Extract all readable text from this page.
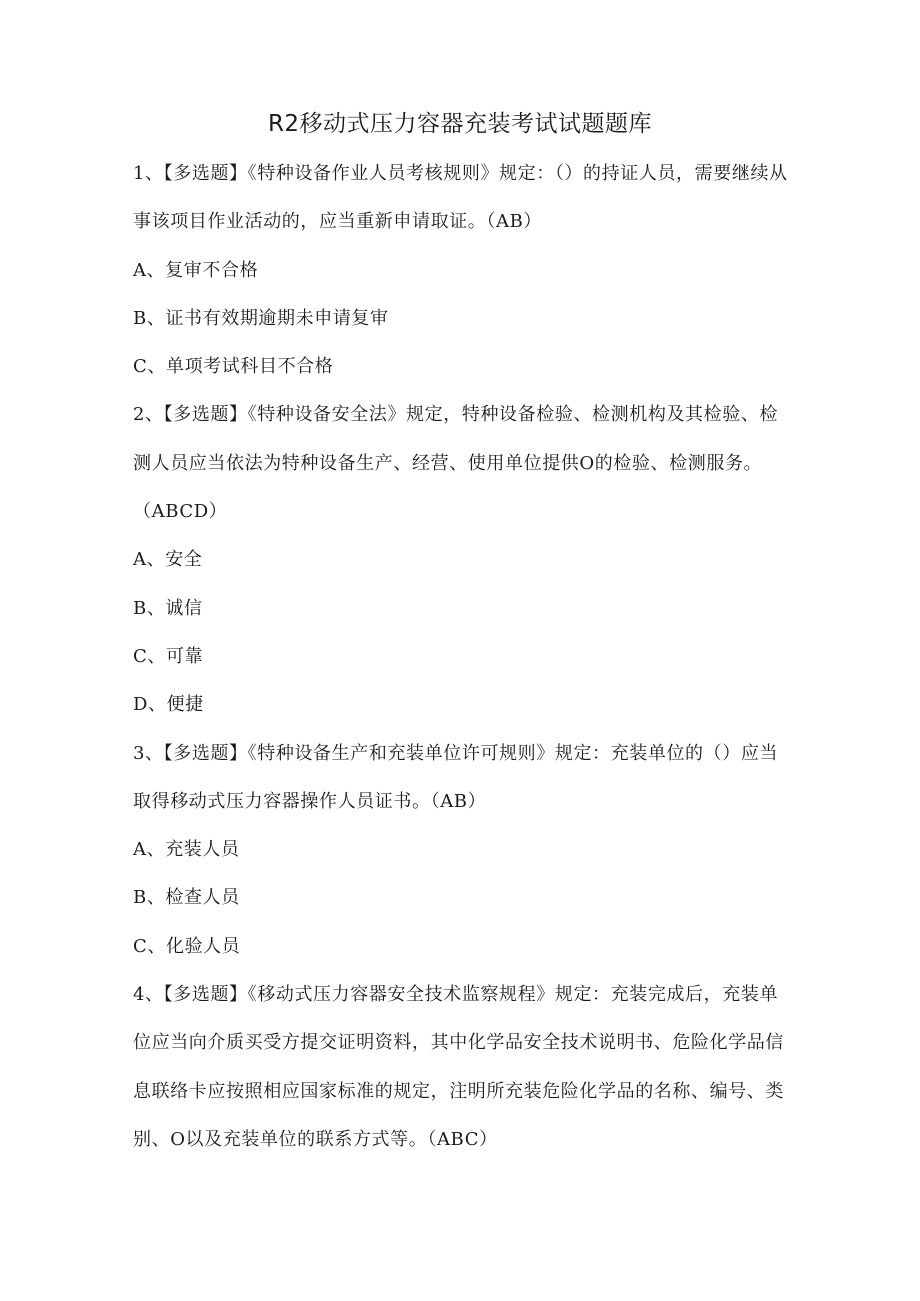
R2移动式压力容器充装考试试题题库

1、【多选题】《特种设备作业人员考核规则》规定：（）的持证人员，需要继续从事该项目作业活动的，应当重新申请取证。（AB）

A、复审不合格

B、证书有效期逾期未申请复审

C、单项考试科目不合格

2、【多选题】《特种设备安全法》规定，特种设备检验、检测机构及其检验、检测人员应当依法为特种设备生产、经营、使用单位提供O的检验、检测服务。（ABCD）

A、安全

B、诚信

C、可靠

D、便捷

3、【多选题】《特种设备生产和充装单位许可规则》规定：充装单位的（）应当取得移动式压力容器操作人员证书。（AB）

A、充装人员

B、检查人员

C、化验人员

4、【多选题】《移动式压力容器安全技术监察规程》规定：充装完成后，充装单位应当向介质买受方提交证明资料，其中化学品安全技术说明书、危险化学品信息联络卡应按照相应国家标准的规定，注明所充装危险化学品的名称、编号、类别、O以及充装单位的联系方式等。（ABC）
